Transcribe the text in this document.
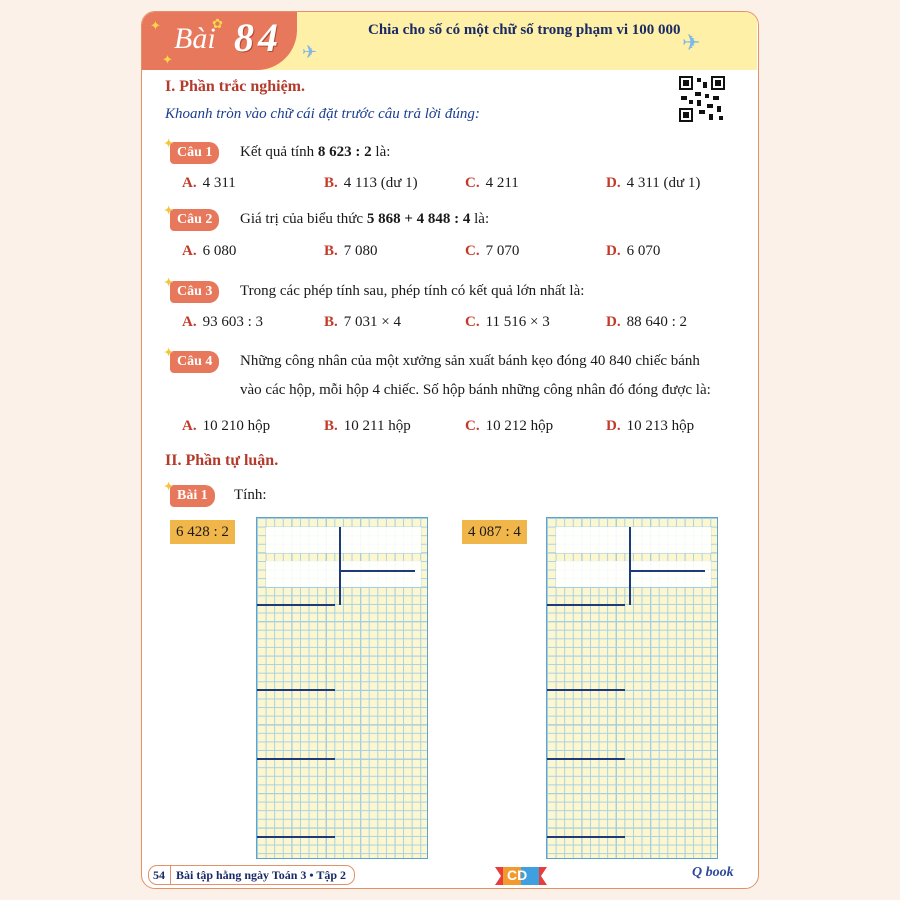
Bài 84
✦	✿
✦	✈	✈
Chia cho số có một chữ số trong phạm vi 100 000
I. Phần trắc nghiệm.
Khoanh tròn vào chữ cái đặt trước câu trả lời đúng:
✦
Câu 1	Kết quả tính 8 623 : 2 là:
A. 4 311	B. 4 113 (dư 1)	C. 4 211	D. 4 311 (dư 1)
✦
Câu 2	Giá trị của biểu thức 5 868 + 4 848 : 4 là:
A. 6 080	B. 7 080	C. 7 070	D. 6 070
✦
Câu 3	Trong các phép tính sau, phép tính có kết quả lớn nhất là:
A. 93 603 : 3	B. 7 031 × 4	C. 11 516 × 3	D. 88 640 : 2
✦
Câu 4	Những công nhân của một xưởng sản xuất bánh kẹo đóng 40 840 chiếc bánh
vào các hộp, mỗi hộp 4 chiếc. Số hộp bánh những công nhân đó đóng được là:
A. 10 210 hộp	B. 10 211 hộp	C. 10 212 hộp	D. 10 213 hộp
II. Phần tự luận.
✦
Bài 1	Tính:
6 428 : 2	4 087 : 4
54 Bài tập hằng ngày Toán 3 • Tập 2	CD	Q book
